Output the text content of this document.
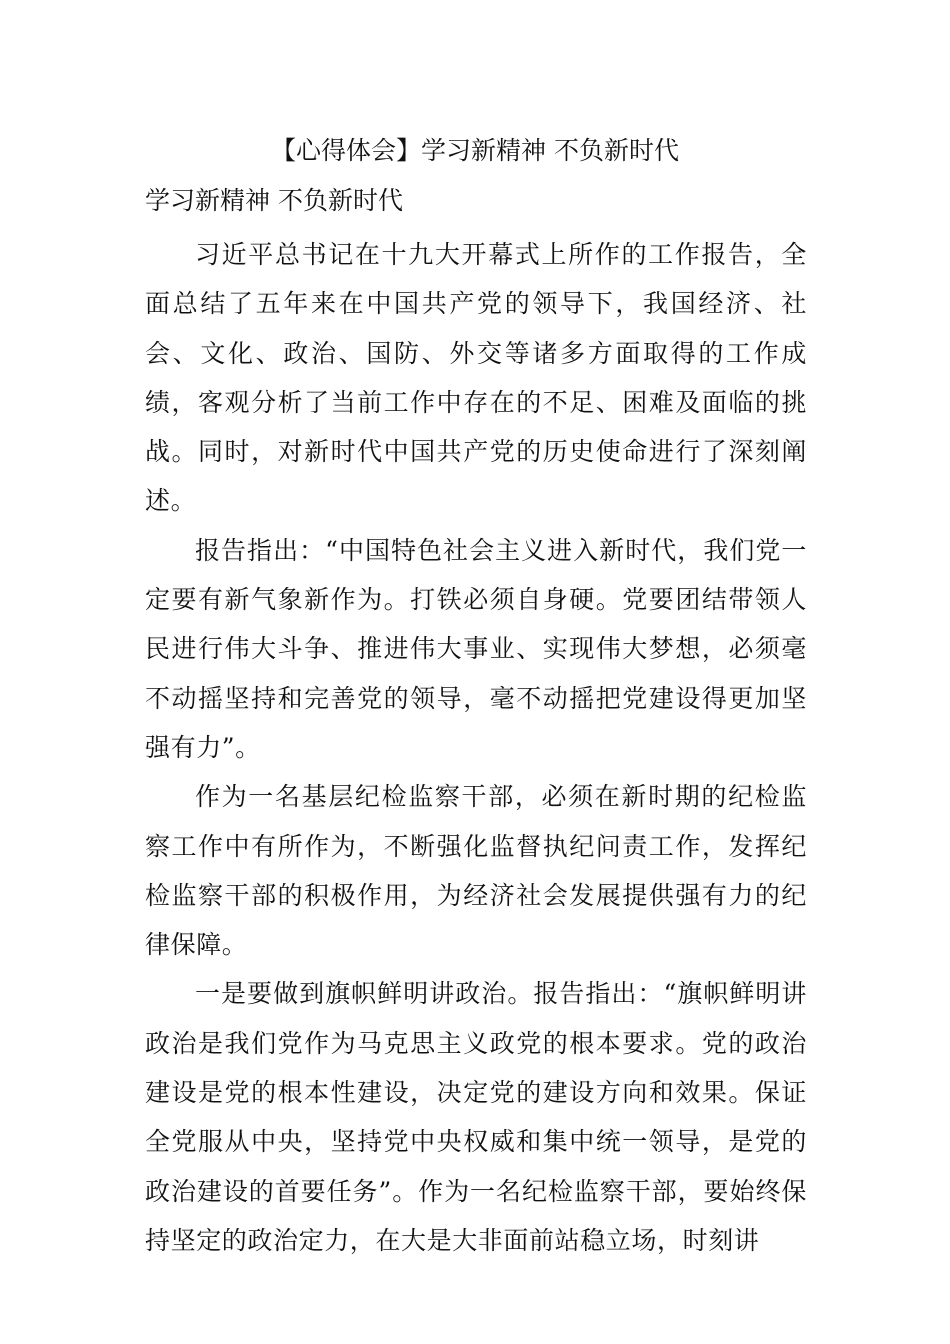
【心得体会】学习新精神 不负新时代
学习新精神 不负新时代

习近平总书记在十九大开幕式上所作的工作报告，全面总结了五年来在中国共产党的领导下，我国经济、社会、文化、政治、国防、外交等诸多方面取得的工作成绩，客观分析了当前工作中存在的不足、困难及面临的挑战。同时，对新时代中国共产党的历史使命进行了深刻阐述。

报告指出：“中国特色社会主义进入新时代，我们党一定要有新气象新作为。打铁必须自身硬。党要团结带领人民进行伟大斗争、推进伟大事业、实现伟大梦想，必须毫不动摇坚持和完善党的领导，毫不动摇把党建设得更加坚强有力”。

作为一名基层纪检监察干部，必须在新时期的纪检监察工作中有所作为，不断强化监督执纪问责工作，发挥纪检监察干部的积极作用，为经济社会发展提供强有力的纪律保障。

一是要做到旗帜鲜明讲政治。报告指出：“旗帜鲜明讲政治是我们党作为马克思主义政党的根本要求。党的政治建设是党的根本性建设，决定党的建设方向和效果。保证全党服从中央，坚持党中央权威和集中统一领导，是党的政治建设的首要任务”。作为一名纪检监察干部，要始终保持坚定的政治定力，在大是大非面前站稳立场，时刻讲
